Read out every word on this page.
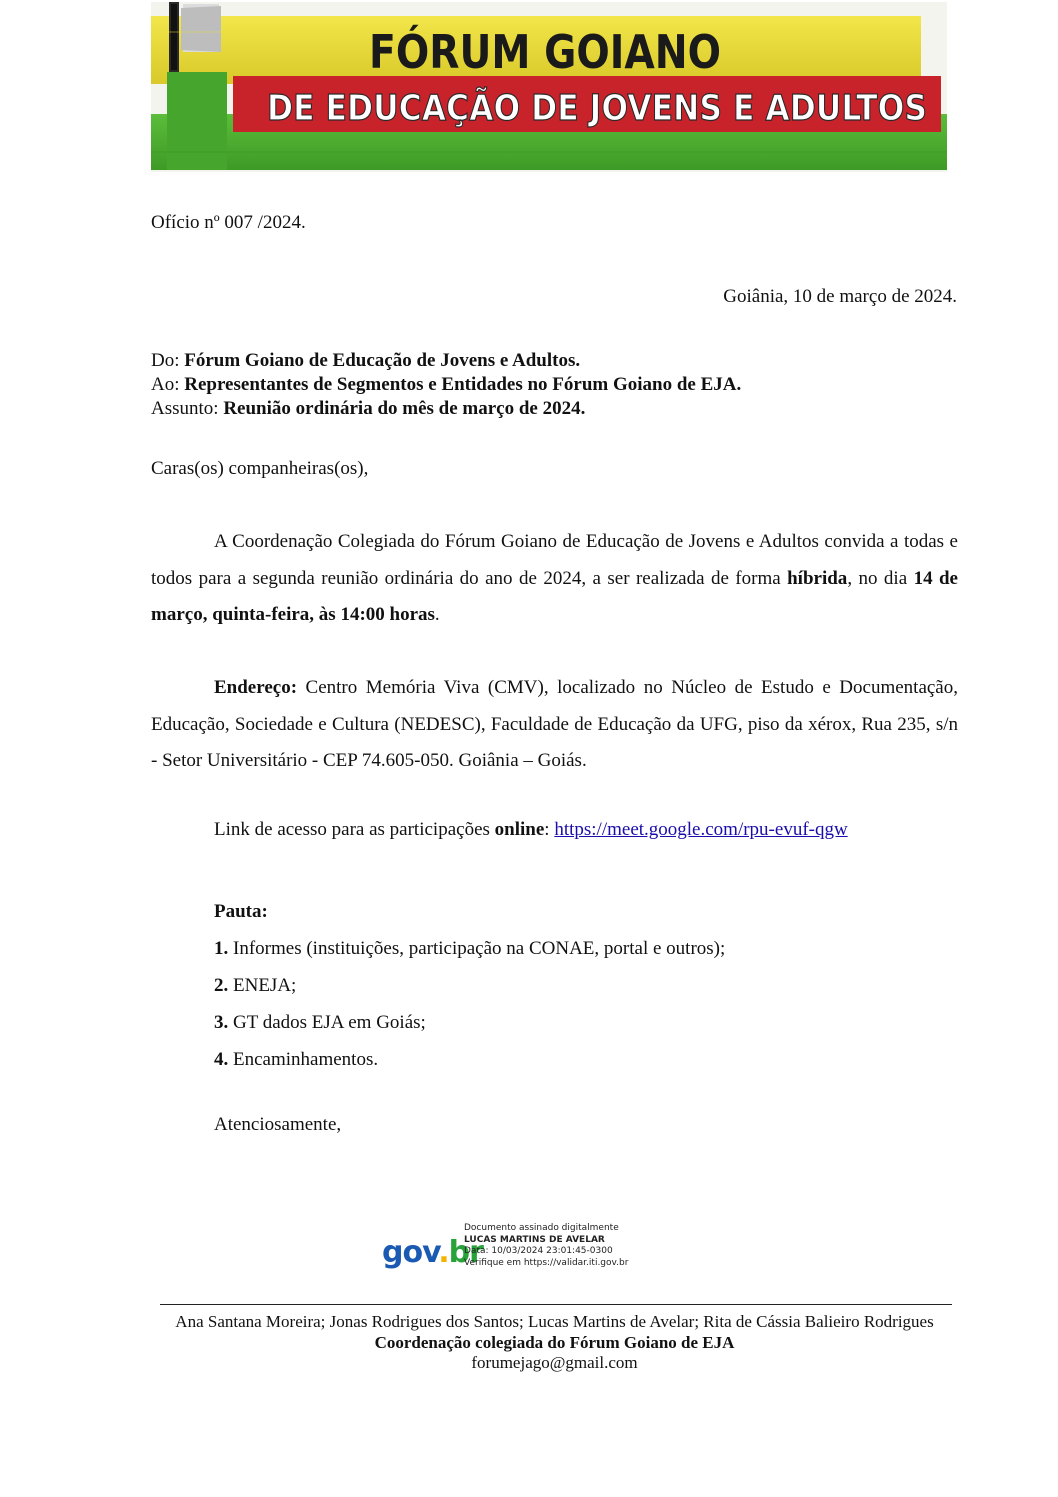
FÓRUM GOIANO
DE EDUCAÇÃO DE JOVENS E ADULTOS
Ofício nº 007 /2024.
Goiânia, 10 de março de 2024.
Do: Fórum Goiano de Educação de Jovens e Adultos.
Ao: Representantes de Segmentos e Entidades no Fórum Goiano de EJA.
Assunto: Reunião ordinária do mês de março de 2024.
Caras(os) companheiras(os),
A Coordenação Colegiada do Fórum Goiano de Educação de Jovens e Adultos convida a todas e todos para a segunda reunião ordinária do ano de 2024, a ser realizada de forma híbrida, no dia 14 de março, quinta-feira, às 14:00 horas.
Endereço: Centro Memória Viva (CMV), localizado no Núcleo de Estudo e Documentação, Educação, Sociedade e Cultura (NEDESC), Faculdade de Educação da UFG, piso da xérox, Rua 235, s/n - Setor Universitário - CEP 74.605-050. Goiânia – Goiás.
Link de acesso para as participações online: https://meet.google.com/rpu-evuf-qgw
Pauta:
1. Informes (instituições, participação na CONAE, portal e outros);
2. ENEJA;
3. GT dados EJA em Goiás;
4. Encaminhamentos.
Atenciosamente,
gov.br
Documento assinado digitalmente
LUCAS MARTINS DE AVELAR
Data: 10/03/2024 23:01:45-0300
Verifique em https://validar.iti.gov.br
Ana Santana Moreira; Jonas Rodrigues dos Santos; Lucas Martins de Avelar; Rita de Cássia Balieiro Rodrigues
Coordenação colegiada do Fórum Goiano de EJA
forumejago@gmail.com
